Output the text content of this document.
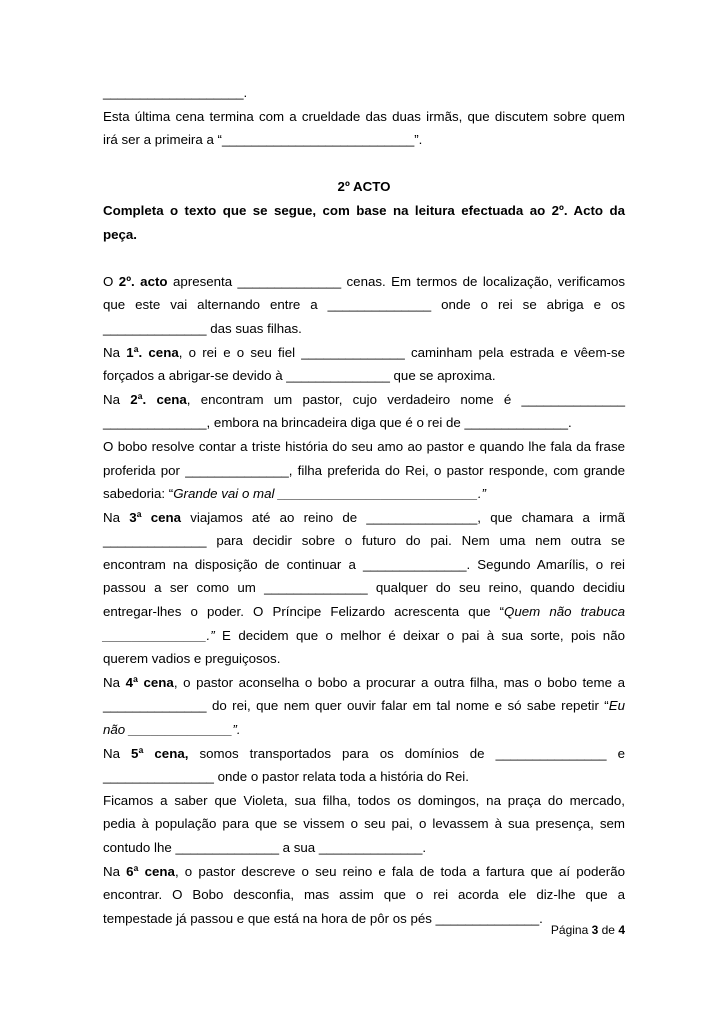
___________________.
Esta última cena termina com a crueldade das duas irmãs, que discutem sobre quem
irá ser a primeira a “__________________________”.
2º ACTO
Completa o texto que se segue, com base na leitura efectuada ao 2º. Acto da
peça.
O 2º. acto apresenta ______________ cenas. Em termos de localização, verificamos
que este vai alternando entre a ______________ onde o rei se abriga e os
______________ das suas filhas.
Na 1ª. cena, o rei e o seu fiel ______________ caminham pela estrada e vêem-se
forçados a abrigar-se devido à ______________ que se aproxima.
Na 2ª. cena, encontram um pastor, cujo verdadeiro nome é ______________
______________, embora na brincadeira diga que é o rei de ______________.
O bobo resolve contar a triste história do seu amo ao pastor e quando lhe fala da frase
proferida por ______________, filha preferida do Rei, o pastor responde, com grande
sabedoria: “Grande vai o mal ___________________________.”
Na 3ª cena viajamos até ao reino de _______________, que chamara a irmã
______________ para decidir sobre o futuro do pai. Nem uma nem outra se
encontram na disposição de continuar a ______________. Segundo Amarílis, o rei
passou a ser como um ______________ qualquer do seu reino, quando decidiu
entregar-lhes o poder. O Príncipe Felizardo acrescenta que “Quem não trabuca
______________.” E decidem que o melhor é deixar o pai à sua sorte, pois não
querem vadios e preguiçosos.
Na 4ª cena, o pastor aconselha o bobo a procurar a outra filha, mas o bobo teme a
______________ do rei, que nem quer ouvir falar em tal nome e só sabe repetir “Eu
não ______________”.
Na 5ª cena, somos transportados para os domínios de _______________ e
_______________ onde o pastor relata toda a história do Rei.
Ficamos a saber que Violeta, sua filha, todos os domingos, na praça do mercado,
pedia à população para que se vissem o seu pai, o levassem à sua presença, sem
contudo lhe ______________ a sua ______________.
Na 6ª cena, o pastor descreve o seu reino e fala de toda a fartura que aí poderão
encontrar. O Bobo desconfia, mas assim que o rei acorda ele diz-lhe que a
tempestade já passou e que está na hora de pôr os pés ______________.
Página 3 de 4
